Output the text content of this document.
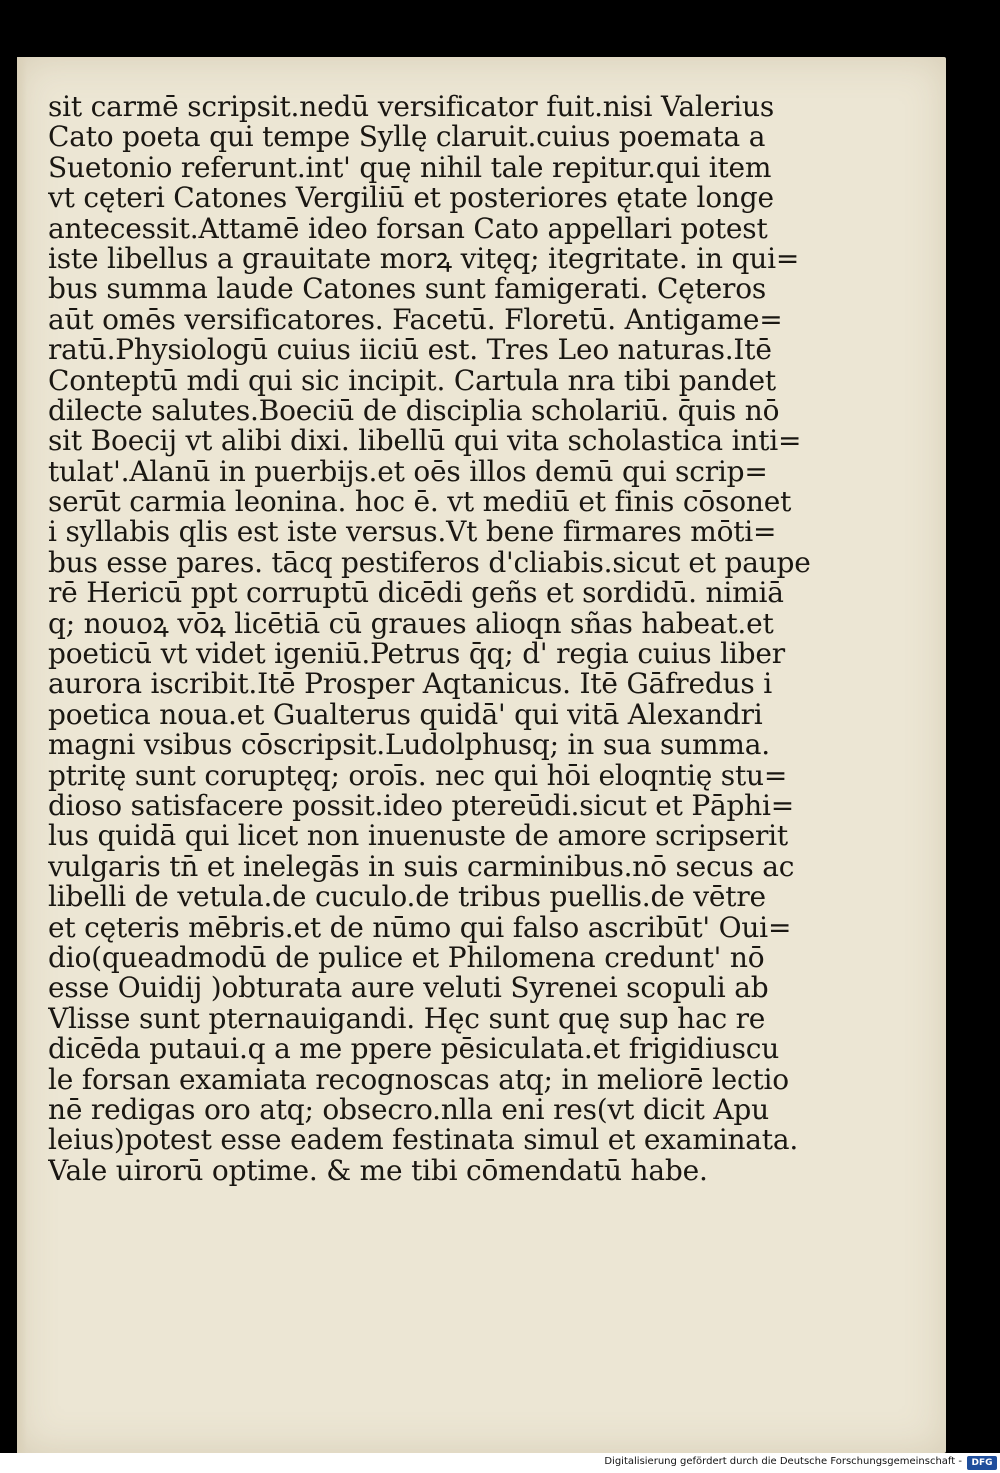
sit carmē scripsit.nedū versificator fuit.nisi Valerius
Cato poeta qui tempe Syllę claruit.cuius poemata a
Suetonio referunt.int' quę nihil tale repitur.qui item
vt cęteri Catones Vergiliū et posteriores ętate longe
antecessit.Attamē ideo forsan Cato appellari potest
iste libellus a grauitate morꝝ vitęq; itegritate. in qui=
bus summa laude Catones sunt famigerati. Cęteros
aūt omēs versificatores. Facetū. Floretū. Antigame=
ratū.Physiologū cuius iiciū est. Tres Leo naturas.Itē
Conteptū mdi qui sic incipit. Cartula nra tibi pandet
dilecte salutes.Boeciū de disciplia scholariū. q̄uis nō
sit Boecij vt alibi dixi. libellū qui vita scholastica inti=
tulat'.Alanū in puerbijs.et oēs illos demū qui scrip=
serūt carmia leonina. hoc ē. vt mediū et finis cōsonet
i syllabis qlis est iste versus.Vt bene firmares mōti=
bus esse pares. tācq pestiferos d'cliabis.sicut et paupe
rē Hericū ppt corruptū dicēdi geñs et sordidū. nimiā
q; nouoꝝ vōꝝ licētiā cū graues alioqn sñas habeat.et
poeticū vt videt igeniū.Petrus q̄q; d' regia cuius liber
aurora iscribit.Itē Prosper Aqtanicus. Itē Gāfredus i
poetica noua.et Gualterus quidā' qui vitā Alexandri
magni vsibus cōscripsit.Ludolphusq; in sua summa.
ptritę sunt coruptęq; oroīs. nec qui hōi eloqntię stu=
dioso satisfacere possit.ideo ptereūdi.sicut et Pāphi=
lus quidā qui licet non inuenuste de amore scripserit
vulgaris tn̄ et inelegās in suis carminibus.nō secus ac
libelli de vetula.de cuculo.de tribus puellis.de vētre
et cęteris mēbris.et de nūmo qui falso ascribūt' Oui=
dio(queadmodū de pulice et Philomena credunt' nō
esse Ouidij )obturata aure veluti Syrenei scopuli ab
Vlisse sunt pternauigandi. Hęc sunt quę sup hac re
dicēda putaui.q a me ppere pēsiculata.et frigidiuscu
le forsan examiata recognoscas atq; in meliorē lectio
nē redigas oro atq; obsecro.nlla eni res(vt dicit Apu
leius)potest esse eadem festinata simul et examinata.
Vale uirorū optime. & me tibi cōmendatū habe.
Digitalisierung gefördert durch die Deutsche Forschungsgemeinschaft -	DFG
